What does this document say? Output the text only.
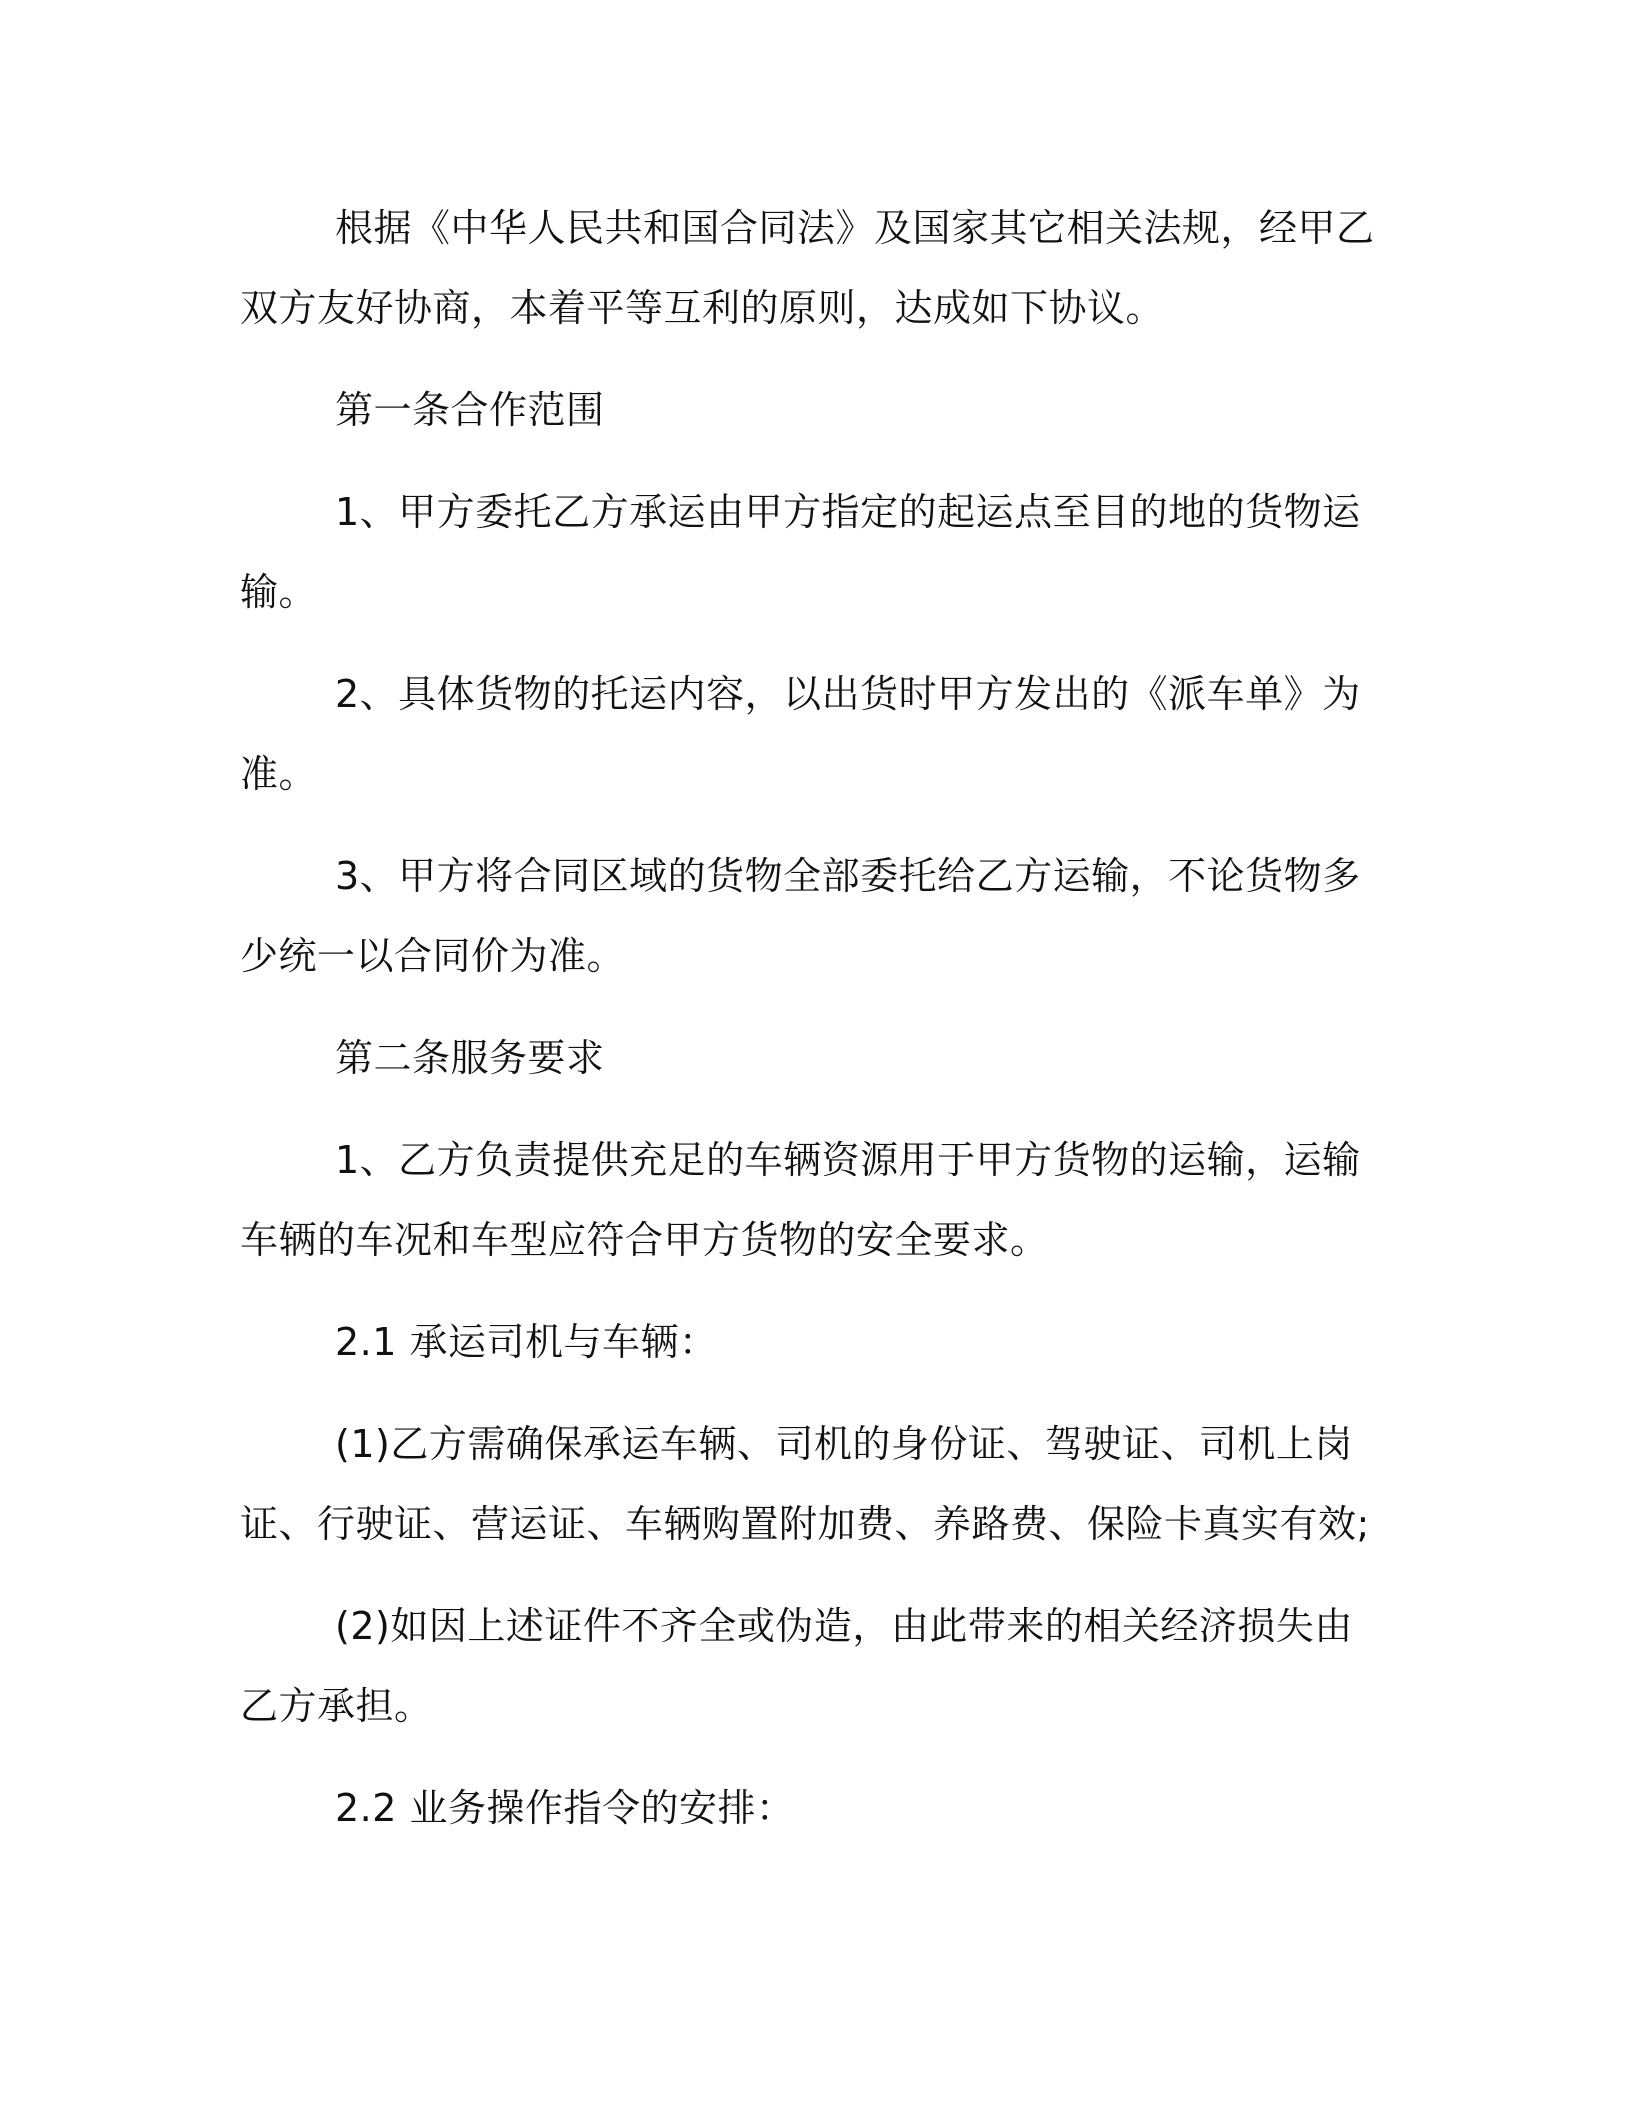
根据《中华人民共和国合同法》及国家其它相关法规，经甲乙双方友好协商，本着平等互利的原则，达成如下协议。

第一条合作范围

1、甲方委托乙方承运由甲方指定的起运点至目的地的货物运输。

2、具体货物的托运内容，以出货时甲方发出的《派车单》为准。

3、甲方将合同区域的货物全部委托给乙方运输，不论货物多少统一以合同价为准。

第二条服务要求

1、乙方负责提供充足的车辆资源用于甲方货物的运输，运输车辆的车况和车型应符合甲方货物的安全要求。

2.1 承运司机与车辆：

(1)乙方需确保承运车辆、司机的身份证、驾驶证、司机上岗证、行驶证、营运证、车辆购置附加费、养路费、保险卡真实有效;

(2)如因上述证件不齐全或伪造，由此带来的相关经济损失由乙方承担。

2.2 业务操作指令的安排：
